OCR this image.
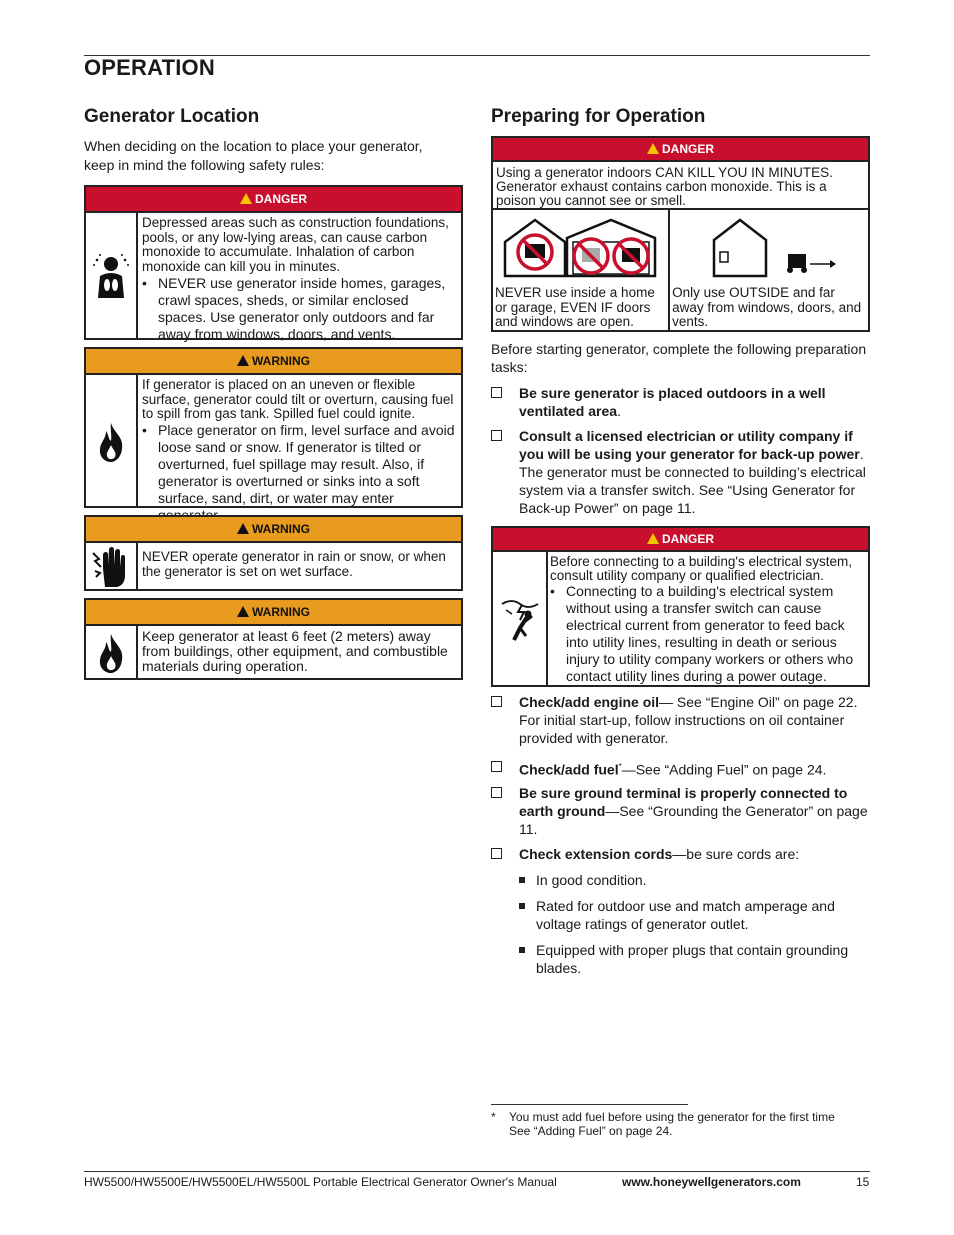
OPERATION
Generator Location

When deciding on the location to place your generator, keep in mind the following safety rules:

DANGER

Depressed areas such as construction foundations, pools, or any low-lying areas, can cause carbon monoxide to accumulate. Inhalation of carbon monoxide can kill you in minutes.

• NEVER use generator inside homes, garages, crawl spaces, sheds, or similar enclosed spaces. Use generator only outdoors and far away from windows, doors, and vents.
WARNING

If generator is placed on an uneven or flexible surface, generator could tilt or overturn, causing fuel to spill from gas tank. Spilled fuel could ignite.

• Place generator on firm, level surface and avoid loose sand or snow. If generator is tilted or overturned, fuel spillage may result. Also, if generator is overturned or sinks into a soft surface, sand, dirt, or water may enter
WARNING

NEVER operate generator in rain or snow, or when the generator is set on wet surface.

WARNING

Keep generator at least 6 feet (2 meters) away from buildings, other equipment, and combustible materials during operation.

Preparing for Operation
DANGER

Using a generator indoors CAN KILL YOU IN MINUTES. Generator exhaust contains carbon monoxide. This is a poison you cannot see or smell.

NEVER use inside a home or garage, EVEN IF doors and windows are open.

Only use OUTSIDE and far away from windows, doors, and vents.

Before starting generator, complete the following preparation tasks:

Be sure generator is placed outdoors in a well ventilated area.
Consult a licensed electrician or utility company if you will be using your generator for back-up power. The generator must be connected to building’s electrical system via a transfer switch. See “Using Generator for Back-up Power” on page 11.
DANGER

Before connecting to a building's electrical system, consult utility company or qualified electrician.

• Connecting to a building's electrical system without using a transfer switch can cause electrical current from generator to feed back into utility lines, resulting in death or serious injury to utility company workers or others who contact utility lines during a power outage.
Check/add engine oil— See “Engine Oil” on page 22. For initial start-up, follow instructions on oil container provided with generator.
Check/add fuel*—See “Adding Fuel” on page 24.
Be sure ground terminal is properly connected to earth ground—See “Grounding the Generator” on page 11.
Check extension cords—be sure cords are:
In good condition.
Rated for outdoor use and match amperage and voltage ratings of generator outlet.
Equipped with proper plugs that contain grounding blades.
* You must add fuel before using the generator for the first time See “Adding Fuel” on page 24.

HW5500/HW5500E/HW5500EL/HW5500L Portable Electrical Generator Owner's Manual	www.honeywellgenerators.com	15
